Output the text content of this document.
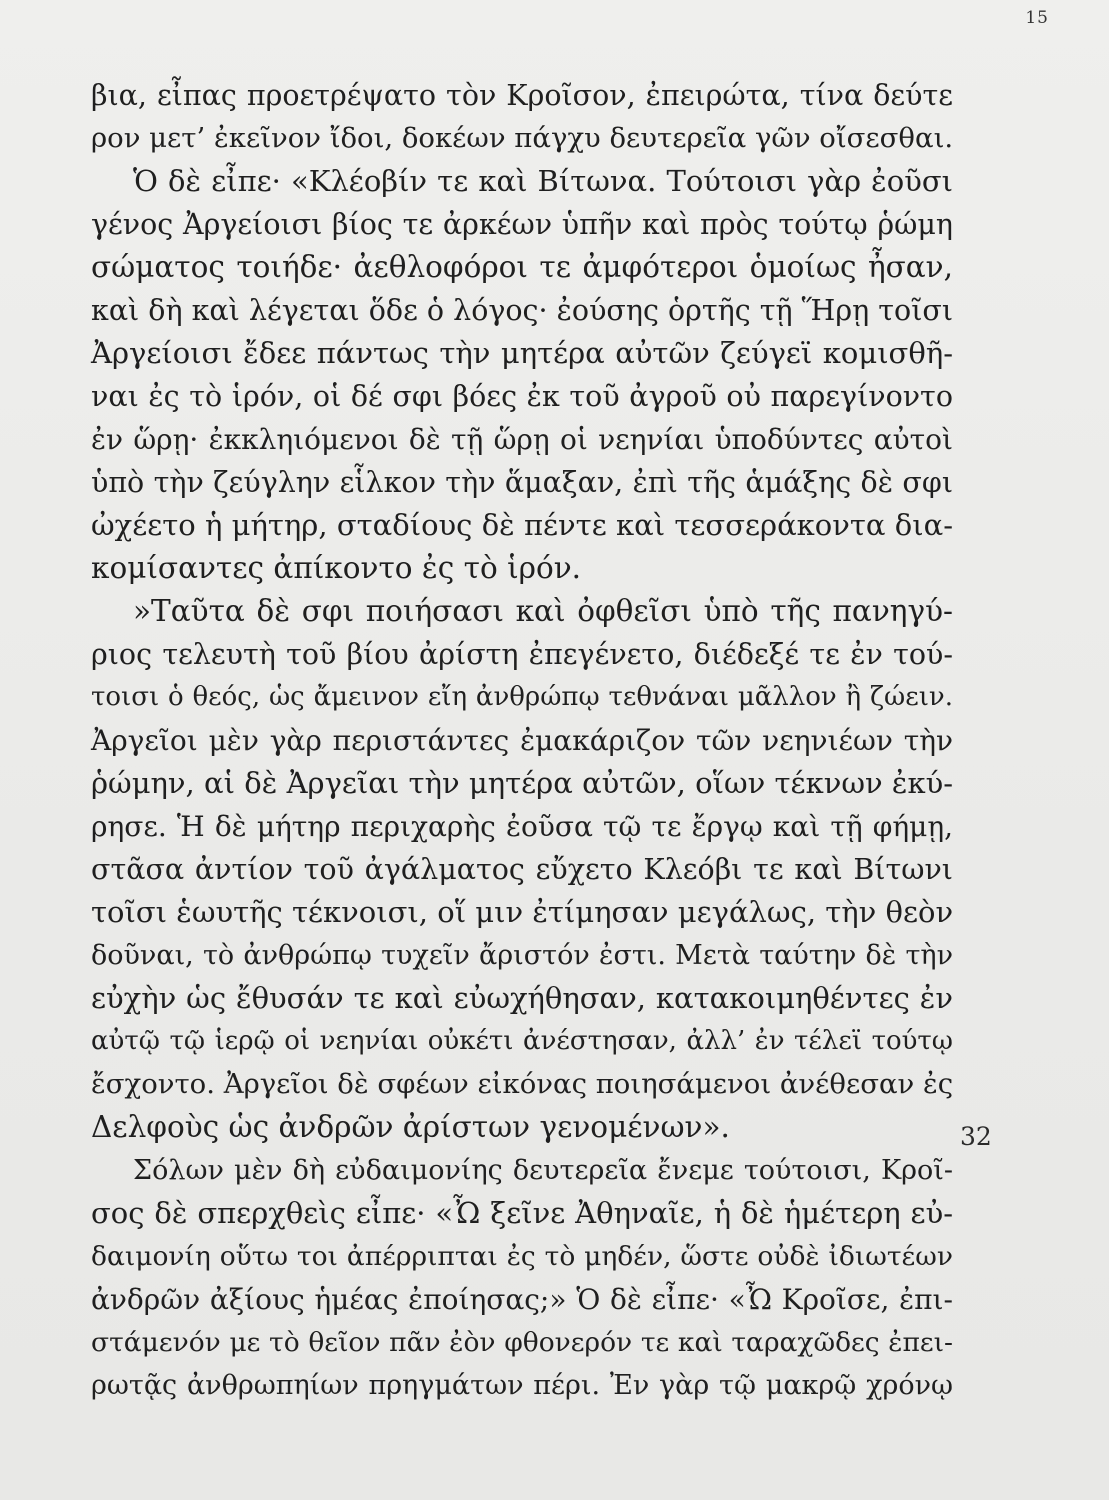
15
βια, εἶπας προετρέψατο τὸν Κροῖσον, ἐπειρώτα, τίνα δεύτε
ρον μετ’ ἐκεῖνον ἴδοι, δοκέων πάγχυ δευτερεῖα γῶν οἴσεσθαι.
Ὁ δὲ εἶπε· «Κλέοβίν τε καὶ Βίτωνα. Τούτοισι γὰρ ἐοῦσι
γένος Ἀργείοισι βίος τε ἀρκέων ὑπῆν καὶ πρὸς τούτῳ ῥώμη
σώματος τοιήδε· ἀεθλοφόροι τε ἀμφότεροι ὁμοίως ἦσαν,
καὶ δὴ καὶ λέγεται ὅδε ὁ λόγος· ἐούσης ὁρτῆς τῇ Ἥρῃ τοῖσι
Ἀργείοισι ἔδεε πάντως τὴν μητέρα αὐτῶν ζεύγεϊ κομισθῆ-
ναι ἐς τὸ ἱρόν, οἱ δέ σφι βόες ἐκ τοῦ ἀγροῦ οὐ παρεγίνοντο
ἐν ὥρῃ· ἐκκληιόμενοι δὲ τῇ ὥρῃ οἱ νεηνίαι ὑποδύντες αὐτοὶ
ὑπὸ τὴν ζεύγλην εἷλκον τὴν ἅμαξαν, ἐπὶ τῆς ἁμάξης δὲ σφι
ὠχέετο ἡ μήτηρ, σταδίους δὲ πέντε καὶ τεσσεράκοντα δια-
κομίσαντες ἀπίκοντο ἐς τὸ ἱρόν.
»Ταῦτα δὲ σφι ποιήσασι καὶ ὀφθεῖσι ὑπὸ τῆς πανηγύ-
ριος τελευτὴ τοῦ βίου ἀρίστη ἐπεγένετο, διέδεξέ τε ἐν τού-
τοισι ὁ θεός, ὡς ἄμεινον εἴη ἀνθρώπῳ τεθνάναι μᾶλλον ἢ ζώειν.
Ἀργεῖοι μὲν γὰρ περιστάντες ἐμακάριζον τῶν νεηνιέων τὴν
ῥώμην, αἱ δὲ Ἀργεῖαι τὴν μητέρα αὐτῶν, οἵων τέκνων ἐκύ-
ρησε. Ἡ δὲ μήτηρ περιχαρὴς ἐοῦσα τῷ τε ἔργῳ καὶ τῇ φήμῃ,
στᾶσα ἀντίον τοῦ ἀγάλματος εὔχετο Κλεόβι τε καὶ Βίτωνι
τοῖσι ἑωυτῆς τέκνοισι, οἵ μιν ἐτίμησαν μεγάλως, τὴν θεὸν
δοῦναι, τὸ ἀνθρώπῳ τυχεῖν ἄριστόν ἐστι. Μετὰ ταύτην δὲ τὴν
εὐχὴν ὡς ἔθυσάν τε καὶ εὐωχήθησαν, κατακοιμηθέντες ἐν
αὐτῷ τῷ ἱερῷ οἱ νεηνίαι οὐκέτι ἀνέστησαν, ἀλλ’ ἐν τέλεϊ τούτῳ
ἔσχοντο. Ἀργεῖοι δὲ σφέων εἰκόνας ποιησάμενοι ἀνέθεσαν ἐς
Δελφοὺς ὡς ἀνδρῶν ἀρίστων γενομένων».
Σόλων μὲν δὴ εὐδαιμονίης δευτερεῖα ἔνεμε τούτοισι, Κροῖ-
σος δὲ σπερχθεὶς εἶπε· «Ὦ ξεῖνε Ἀθηναῖε, ἡ δὲ ἡμέτερη εὐ-
δαιμονίη οὕτω τοι ἀπέρριπται ἐς τὸ μηδέν, ὥστε οὐδὲ ἰδιωτέων
ἀνδρῶν ἀξίους ἡμέας ἐποίησας;» Ὁ δὲ εἶπε· «Ὦ Κροῖσε, ἐπι-
στάμενόν με τὸ θεῖον πᾶν ἐὸν φθονερόν τε καὶ ταραχῶδες ἐπει-
ρωτᾷς ἀνθρωπηίων πρηγμάτων πέρι. Ἐν γὰρ τῷ μακρῷ χρόνῳ
32
